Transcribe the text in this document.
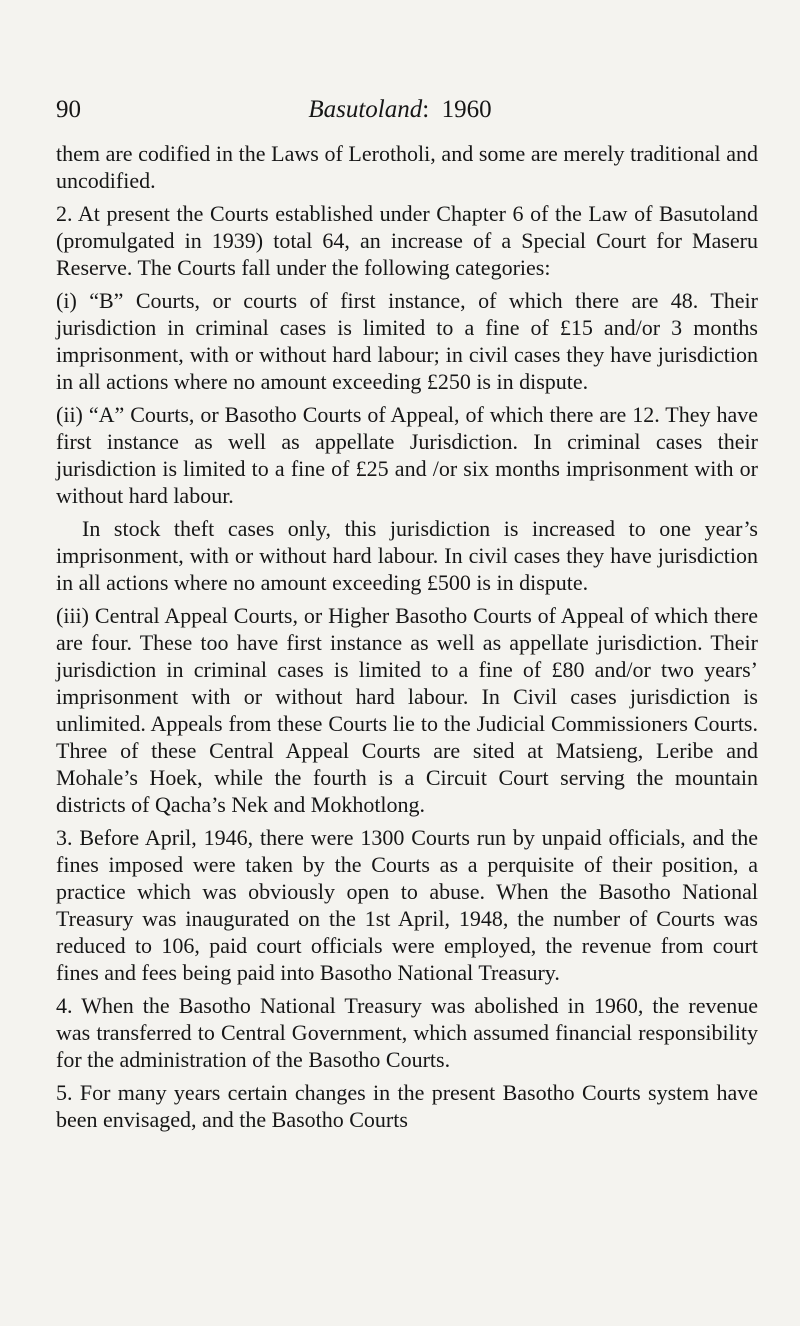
90	Basutoland: 1960

them are codified in the Laws of Lerotholi, and some are merely traditional and uncodified.

2. At present the Courts established under Chapter 6 of the Law of Basutoland (promulgated in 1939) total 64, an increase of a Special Court for Maseru Reserve. The Courts fall under the following categories:

(i) “B” Courts, or courts of first instance, of which there are 48. Their jurisdiction in criminal cases is limited to a fine of £15 and/or 3 months imprisonment, with or without hard labour; in civil cases they have jurisdiction in all actions where no amount exceeding £250 is in dispute.

(ii) “A” Courts, or Basotho Courts of Appeal, of which there are 12. They have first instance as well as appellate Jurisdiction. In criminal cases their jurisdiction is limited to a fine of £25 and /or six months imprisonment with or without hard labour.

In stock theft cases only, this jurisdiction is increased to one year’s imprisonment, with or without hard labour. In civil cases they have jurisdiction in all actions where no amount exceeding £500 is in dispute.

(iii) Central Appeal Courts, or Higher Basotho Courts of Appeal of which there are four. These too have first instance as well as appellate jurisdiction. Their jurisdiction in criminal cases is limited to a fine of £80 and/or two years’ imprisonment with or without hard labour. In Civil cases jurisdiction is unlimited. Appeals from these Courts lie to the Judicial Commissioners Courts. Three of these Central Appeal Courts are sited at Matsieng, Leribe and Mohale’s Hoek, while the fourth is a Circuit Court serving the mountain districts of Qacha’s Nek and Mokhotlong.

3. Before April, 1946, there were 1300 Courts run by unpaid officials, and the fines imposed were taken by the Courts as a perquisite of their position, a practice which was obviously open to abuse. When the Basotho National Treasury was inaugurated on the 1st April, 1948, the number of Courts was reduced to 106, paid court officials were employed, the revenue from court fines and fees being paid into Basotho National Treasury.

4. When the Basotho National Treasury was abolished in 1960, the revenue was transferred to Central Government, which assumed financial responsibility for the administration of the Basotho Courts.

5. For many years certain changes in the present Basotho Courts system have been envisaged, and the Basotho Courts
